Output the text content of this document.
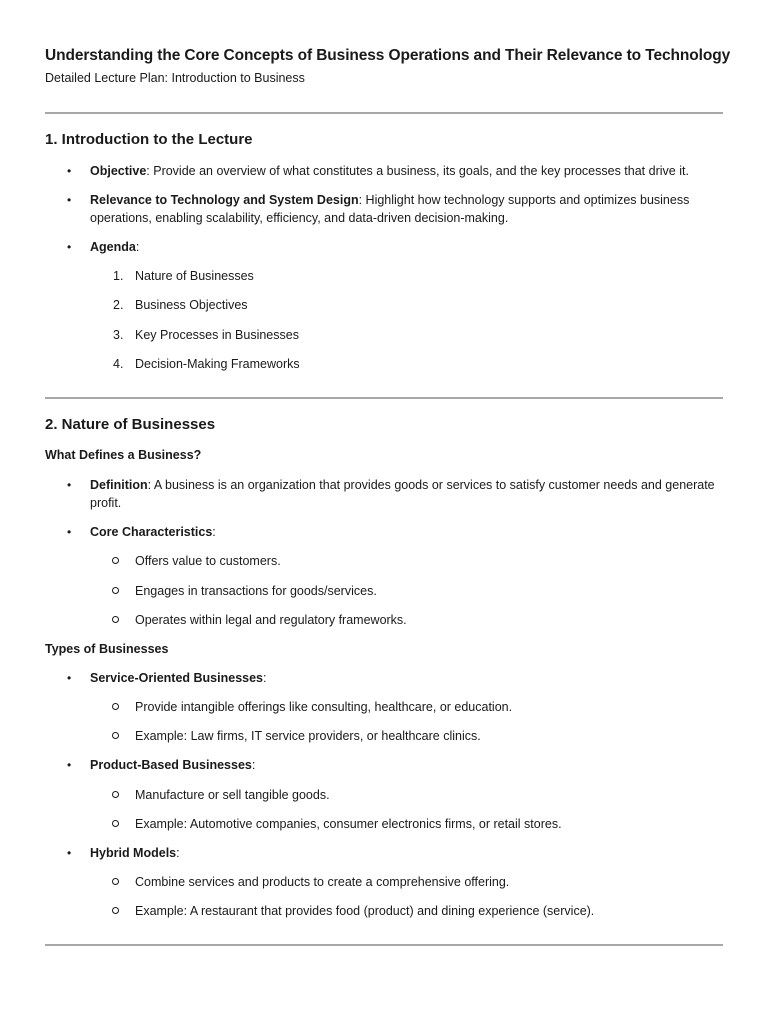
Understanding the Core Concepts of Business Operations and Their Relevance to Technology
Detailed Lecture Plan: Introduction to Business
1. Introduction to the Lecture
• Objective: Provide an overview of what constitutes a business, its goals, and the key processes that drive it.
• Relevance to Technology and System Design: Highlight how technology supports and optimizes business operations, enabling scalability, efficiency, and data-driven decision-making.
• Agenda:
1. Nature of Businesses
2. Business Objectives
3. Key Processes in Businesses
4. Decision-Making Frameworks
2. Nature of Businesses
What Defines a Business?
• Definition: A business is an organization that provides goods or services to satisfy customer needs and generate profit.
• Core Characteristics:
Offers value to customers.
Engages in transactions for goods/services.
Operates within legal and regulatory frameworks.
Types of Businesses
• Service-Oriented Businesses:
Provide intangible offerings like consulting, healthcare, or education.
Example: Law firms, IT service providers, or healthcare clinics.
• Product-Based Businesses:
Manufacture or sell tangible goods.
Example: Automotive companies, consumer electronics firms, or retail stores.
• Hybrid Models:
Combine services and products to create a comprehensive offering.
Example: A restaurant that provides food (product) and dining experience (service).
